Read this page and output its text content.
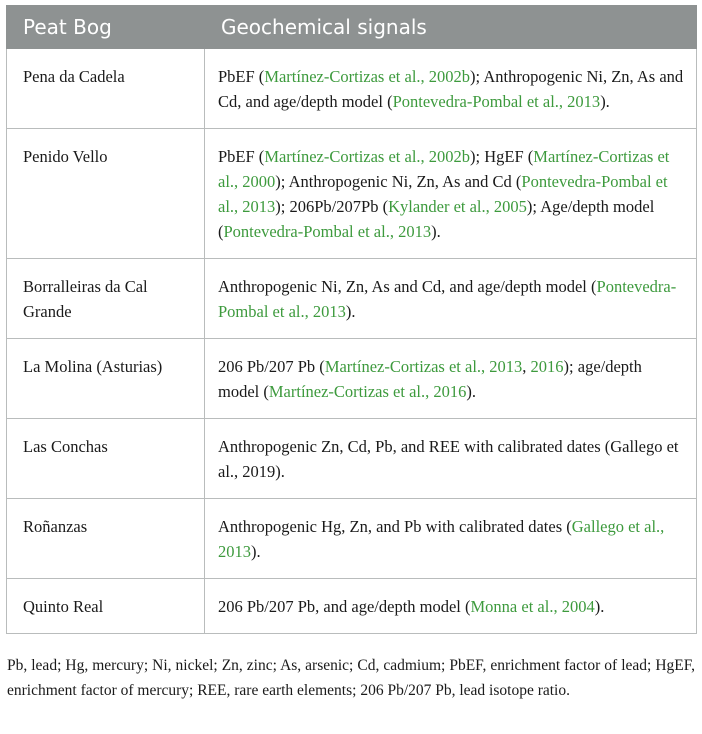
Peat Bog	Geochemical signals
Pena da Cadela	PbEF (Martínez-Cortizas et al., 2002b); Anthropogenic Ni, Zn, As and Cd, and age/depth model (Pontevedra-Pombal et al., 2013).
Penido Vello	PbEF (Martínez-Cortizas et al., 2002b); HgEF (Martínez-Cortizas et al., 2000); Anthropogenic Ni, Zn, As and Cd (Pontevedra-Pombal et al., 2013); 206Pb/207Pb (Kylander et al., 2005); Age/depth model (Pontevedra-Pombal et al., 2013).
Borralleiras da Cal Grande	Anthropogenic Ni, Zn, As and Cd, and age/depth model (Pontevedra-Pombal et al., 2013).
La Molina (Asturias)	206 Pb/207 Pb (Martínez-Cortizas et al., 2013, 2016); age/depth model (Martínez-Cortizas et al., 2016).
Las Conchas	Anthropogenic Zn, Cd, Pb, and REE with calibrated dates (Gallego et al., 2019).
Roñanzas	Anthropogenic Hg, Zn, and Pb with calibrated dates (Gallego et al., 2013).
Quinto Real	206 Pb/207 Pb, and age/depth model (Monna et al., 2004).
Pb, lead; Hg, mercury; Ni, nickel; Zn, zinc; As, arsenic; Cd, cadmium; PbEF, enrichment factor of lead; HgEF, enrichment factor of mercury; REE, rare earth elements; 206 Pb/207 Pb, lead isotope ratio.
